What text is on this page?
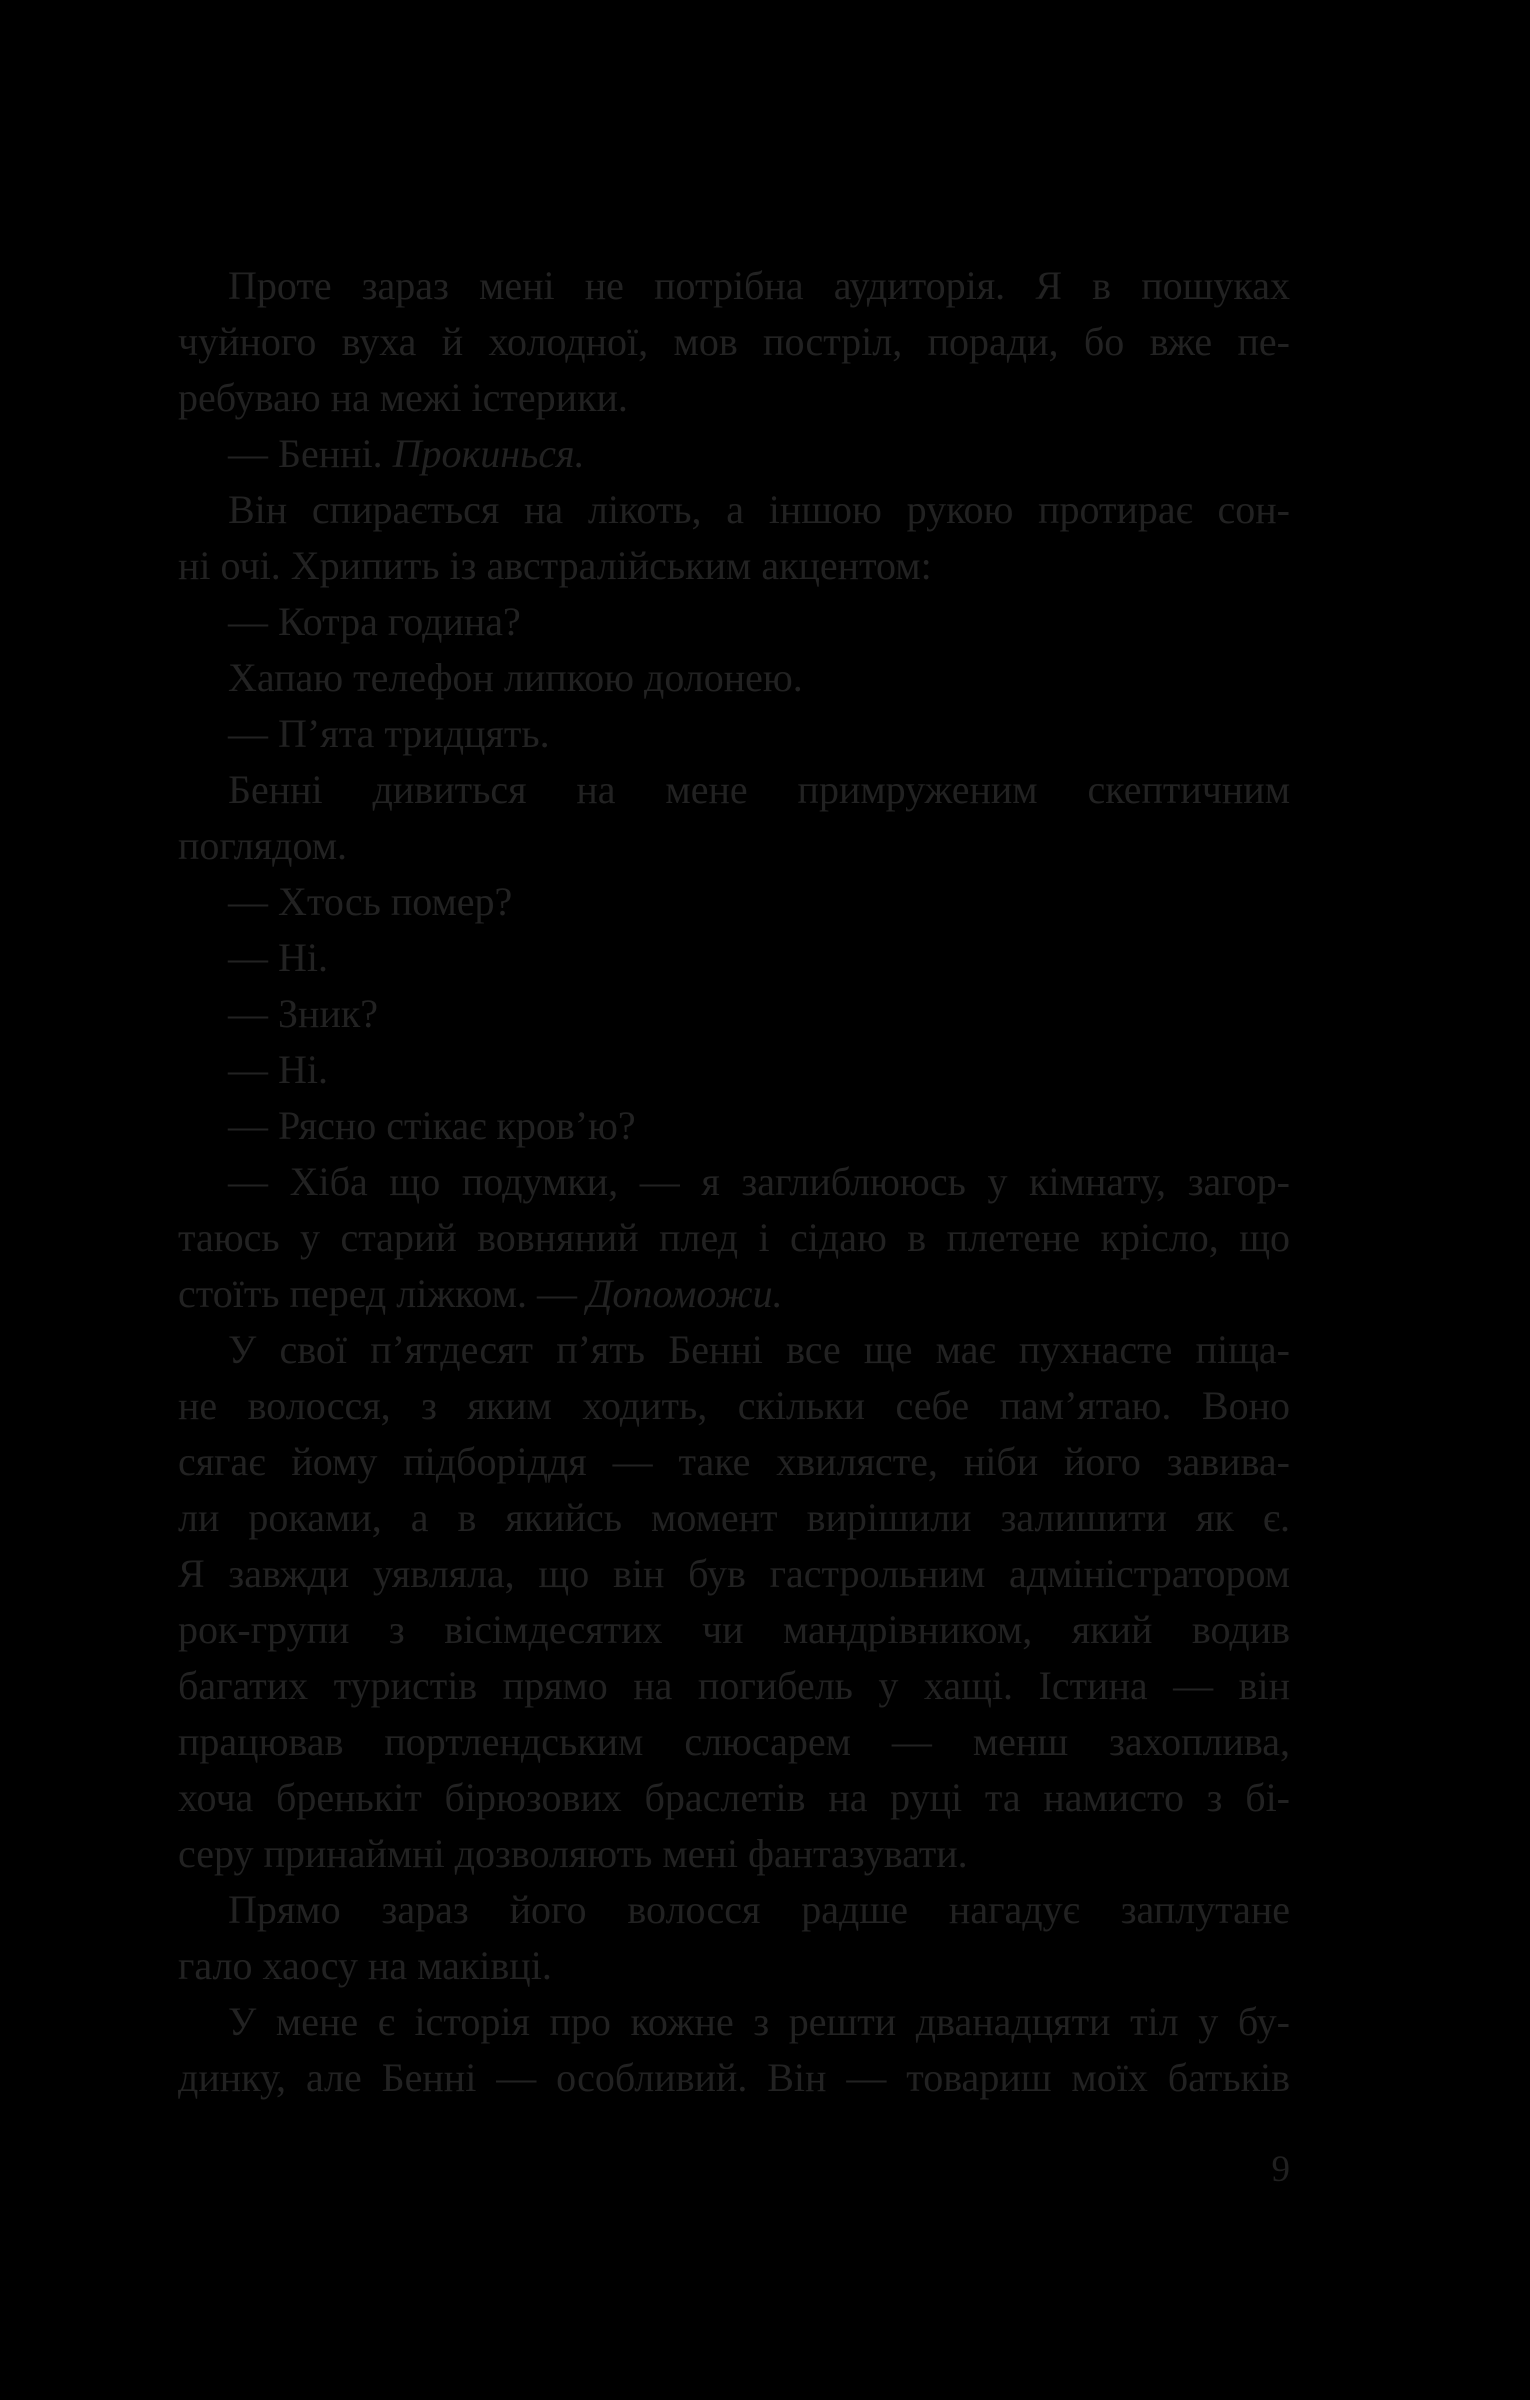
Проте зараз мені не потрібна аудиторія. Я в пошуках
чуйного вуха й холодної, мов постріл, поради, бо вже пе-
ребуваю на межі істерики.
— Бенні. Прокинься.
Він спирається на лікоть, а іншою рукою протирає сон-
ні очі. Хрипить із австралійським акцентом:
— Котра година?
Хапаю телефон липкою долонею.
— П’ята тридцять.
Бенні дивиться на мене примруженим скептичним
поглядом.
— Хтось помер?
— Ні.
— Зник?
— Ні.
— Рясно стікає кров’ю?
— Хіба що подумки, — я заглиблююсь у кімнату, загор-
таюсь у старий вовняний плед і сідаю в плетене крісло, що
стоїть перед ліжком. — Допоможи.
У свої п’ятдесят п’ять Бенні все ще має пухнасте піща-
не волосся, з яким ходить, скільки себе пам’ятаю. Воно
сягає йому підборіддя — таке хвилясте, ніби його завива-
ли роками, а в якийсь момент вирішили залишити як є.
Я завжди уявляла, що він був гастрольним адміністратором
рок-групи з вісімдесятих чи мандрівником, який водив
багатих туристів прямо на погибель у хащі. Істина — він
працював портлендським слюсарем — менш захоплива,
хоча бренькіт бірюзових браслетів на руці та намисто з бі-
серу принаймні дозволяють мені фантазувати.
Прямо зараз його волосся радше нагадує заплутане
гало хаосу на маківці.
У мене є історія про кожне з решти дванадцяти тіл у бу-
динку, але Бенні — особливий. Він — товариш моїх батьків
9
